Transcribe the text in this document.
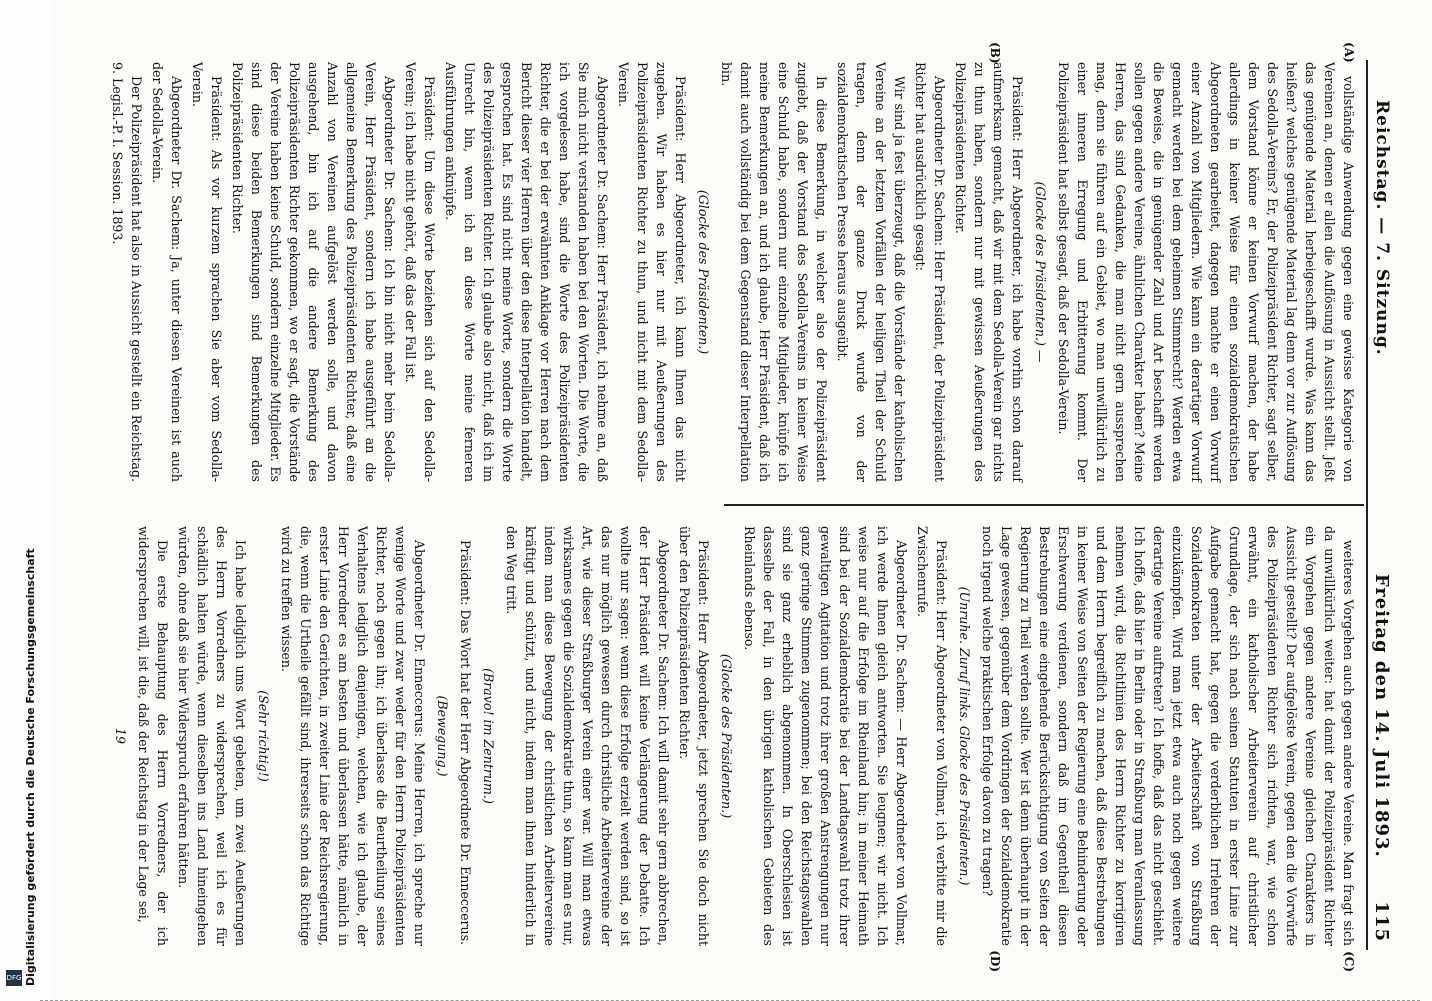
Reichstag. — 7. Sitzung.
Freitag den 14. Juli 1893.      115
(A)
(B)

vollständige Anwendung gegen eine gewisse Kategorie von Vereinen an, denen er allen die Auflösung in Aussicht stellt. Jeßt das genügende Material herbeigeschafft wurde. Was kann das heißen? welches genügende Material lag denn vor zur Auflösung des Sedolla-Vereins? Er, der Polizeipräsident Richter, sagt selber, dem Vorstand könne er keinen Vorwurf machen, der habe allerdings in keiner Weise für einen sozialdemokratischen Abgeordneten gearbeitet, dagegen machte er einen Vorwurf einer Anzahl von Mitgliedern. Wie kann ein derartiger Vorwurf gemacht werden bei dem geheimen Stimmrecht? Werden etwa die Beweise, die in genügender Zahl und Art beschafft werden sollen gegen andere Vereine, ähnlichen Charakter haben? Meine Herren, das sind Gedanken, die man nicht gern aussprechen mag, denn sie führen auf ein Gebiet, wo man unwillkürlich zu einer inneren Erregung und Erbitterung kommt. Der Polizeipräsident hat selbst gesagt, daß der Sedolla-Verein.

(Glocke des Präsidenten.) —

Präsident: Herr Abgeordneter, ich habe vorhin schon darauf aufmerksam gemacht, daß wir mit dem Sedolla-Verein gar nichts zu thun haben, sondern nur mit gewissen Aeußerungen des Polizeipräsidenten Richter.

Abgeordneter Dr. Sachem: Herr Präsident, der Polizeipräsident Richter hat ausdrücklich gesagt:

Wir sind ja fest überzeugt, daß die Vorstände der katholischen Vereine an der letzten Vorfällen der heiligen Theil der Schuld tragen, denn der ganze Druck wurde von der sozialdemokratischen Presse heraus ausgeübt.

In diese Bemerkung, in welcher also der Polizeipräsident zugiebt, daß der Vorstand des Sedolla-Vereins in keiner Weise eine Schuld habe, sondern nur einzelne Mitglieder, knüpfe ich meine Bemerkungen an, und ich glaube, Herr Präsident, daß ich damit auch vollständig bei dem Gegenstand dieser Interpellation bin.

(Glocke des Präsidenten.)

Präsident: Herr Abgeordneter, ich kann Ihnen das nicht zugeben. Wir haben es hier nur mit Aeußerungen des Polizeipräsidenten Richter zu thun, und nicht mit dem Sedolla-Verein.

Abgeordneter Dr. Sachem: Herr Präsident, ich nehme an, daß Sie mich nicht verstanden haben bei den Worten. Die Worte, die ich vorgelesen habe, sind die Worte des Polizeipräsidenten Richter, die er bei der erwähnten Anklage vor Herren nach dem Bericht dieser vier Herren über den diese Interpellation handelt, gesprochen hat. Es sind nicht meine Worte, sondern die Worte des Polizeipräsidenten Richter. Ich glaube also nicht, daß ich im Unrecht bin, wenn ich an diese Worte meine ferneren Ausführungen anknüpfe.

Präsident: Um diese Worte beziehen sich auf den Sedolla-Verein; ich habe nicht gehört, daß das der Fall ist.

Abgeordneter Dr. Sachem: Ich bin nicht mehr beim Sedolla-Verein, Herr Präsident, sondern ich habe ausgeführt an die allgemeine Bemerkung des Polizeipräsidenten Richter, daß eine Anzahl von Vereinen aufgelöst werden solle, und davon ausgehend, bin ich auf die andere Bemerkung des Polizeipräsidenten Richter gekommen, wo er sagt, die Vorstände der Vereine haben keine Schuld, sondern einzelne Mitglieder. Es sind diese beiden Bemerkungen sind Bemerkungen des Polizeipräsidenten Richter.

Präsident: Als vor kurzem sprachen Sie aber vom Sedolla-Verein.

Abgeordneter Dr. Sachem: Ja, unter diesen Vereinen ist auch der Sedolla-Verein.

Der Polizeipräsident hat also in Aussicht gestellt ein Reichstag. 9. Legisl.-P. I. Session. 1893.

weiteres Vorgehen auch gegen andere Vereine. Man fragt sich da unwillkürlich weiter: hat damit der Polizeipräsident Richter ein Vorgehen gegen andere Vereine gleichen Charakters in Aussicht gestellt? Der aufgelöste Verein, gegen den die Vorwürfe des Polizeipräsidenten Richter sich richten, war, wie schon erwähnt, ein katholischer Arbeiterverein auf christlicher Grundlage, der sich nach seinen Statuten in erster Linie zur Aufgabe gemacht hat, gegen die verderblichen Irrlehren der Sozialdemokraten unter der Arbeiterschaft von Straßburg einzukämpfen. Wird man jetzt etwa auch noch gegen weitere derartige Vereine auftreten? Ich hoffe, daß das nicht geschieht. Ich hoffe, daß hier in Berlin oder in Straßburg man Veranlassung nehmen wird, die Richtlinien des Herrn Richter zu korrigiren und dem Herrn begreiflich zu machen, daß diese Bestrebungen in keiner Weise von Seiten der Regierung eine Behinderung oder Erschwerung verdienen, sondern daß im Gegentheil diesen Bestrebungen eine eingehende Berücksichtigung von Seiten der Regierung zu Theil werden sollte. Wer ist denn überhaupt in der Lage gewesen, gegenüber dem Vordringen der Sozialdemokratie noch irgend welche praktischen Erfolge davon zu tragen?

(Unruhe. Zuruf links. Glocke des Präsidenten.)

Präsident: Herr Abgeordneter von Vollmar, ich verbitte mir die Zwischenrufe.

Abgeordneter Dr. Sachem: — Herr Abgeordneter von Vollmar, ich werde Ihnen gleich antworten. Sie leugnen; wir nicht. Ich weise nur auf die Erfolge im Rheinland hin; in meiner Heimath sind bei der Sozialdemokratie bei der Landtagswahl trotz ihrer gewaltigen Agitation und trotz ihrer großen Anstrengungen nur ganz geringe Stimmen zugenommen; bei den Reichstagswahlen sind sie ganz erheblich abgenommen. In Oberschlesien ist dasselbe der Fall, in den übrigen katholischen Gebieten des Rheinlands ebenso.

(Glocke des Präsidenten.)

Präsident: Herr Abgeordneter, jetzt sprechen Sie doch nicht über den Polizeipräsidenten Richter.

Abgeordneter Dr. Sachem: Ich will damit sehr gern abbrechen, der Herr Präsident will keine Verlängerung der Debatte. Ich wollte nur sagen: wenn diese Erfolge erzielt werden sind, so ist das nur möglich gewesen durch christliche Arbeitervereine der Art, wie dieser Straßburger Verein einer war. Will man etwas wirksames gegen die Sozialdemokratie thun, so kann man es nur, indem man diese Bewegung der christlichen Arbeitervereine kräftigt und schützt, und nicht, indem man ihnen hinderlich in den Weg tritt.

(Bravo! im Zentrum.)

Präsident: Das Wort hat der Herr Abgeordnete Dr. Enneccerus.

(Bewegung.)

Abgeordneter Dr. Enneccerus: Meine Herren, ich spreche nur wenige Worte und zwar weder für den Herrn Polizeipräsidenten Richter, noch gegen ihn; ich überlasse die Beurtheilung seines Verhaltens lediglich denjenigen, welchen, wie ich glaube, der Herr Vorredner es am besten und überlassen hätte, nämlich in erster Linie den Gerichten, in zweiter Linie der Reichsregierung, die, wenn die Urtheile gefällt sind, ihrerseits schon das Richtige wird zu treffen wissen.

(Sehr richtig!)

Ich habe lediglich ums Wort gebeten, um zwei Aeußerungen des Herrn Vorredners zu widersprechen, weil ich es für schädlich halten würde, wenn dieselben ins Land hineingehen würden, ohne daß sie hier Widerspruch erfahren hätten.

Die erste Behauptung des Herrn Vorredners, der ich widersprechen will, ist die, daß der Reichstag in der Lage sei,

19

(C)
(D)
Digitalisierung gefördert durch die Deutsche Forschungsgemeinschaft
DFG
